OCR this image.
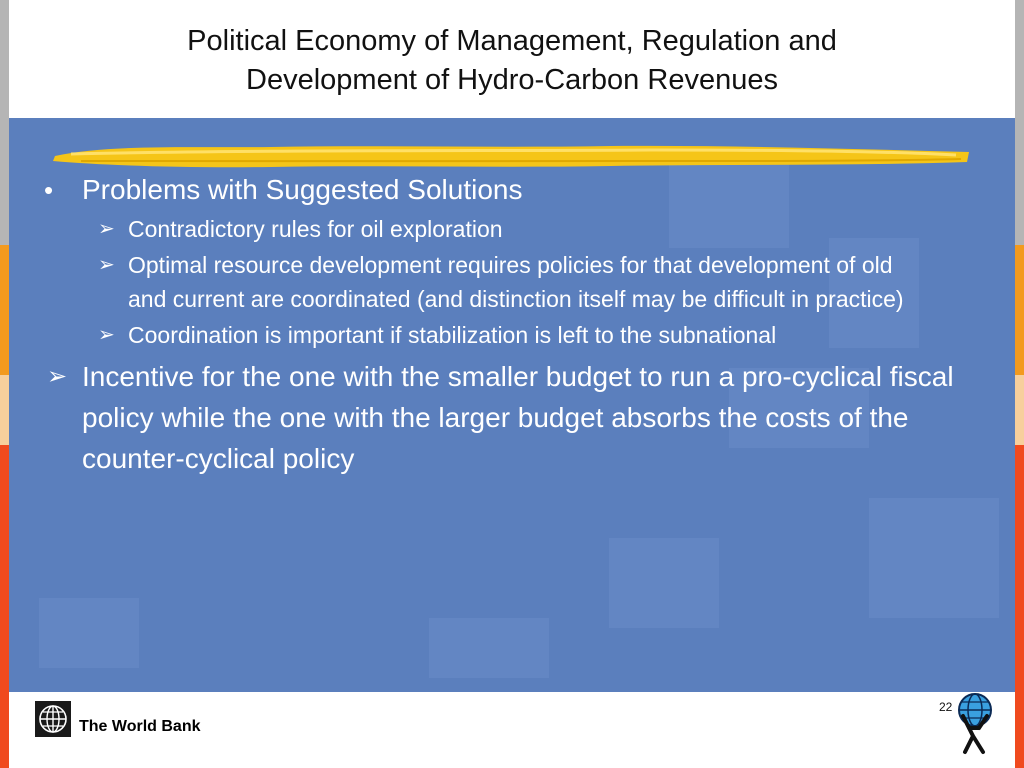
Political Economy of Management, Regulation and
Development of Hydro-Carbon Revenues
• Problems with Suggested Solutions
➢ Contradictory rules for oil exploration
➢ Optimal resource development requires policies for that development of old and current are coordinated (and distinction itself may be difficult in practice)
➢ Coordination is important if stabilization is left to the subnational
➢ Incentive for the one with the smaller budget to run a pro-cyclical fiscal policy while the one with the larger budget absorbs the costs of the counter-cyclical policy
The World Bank
22
